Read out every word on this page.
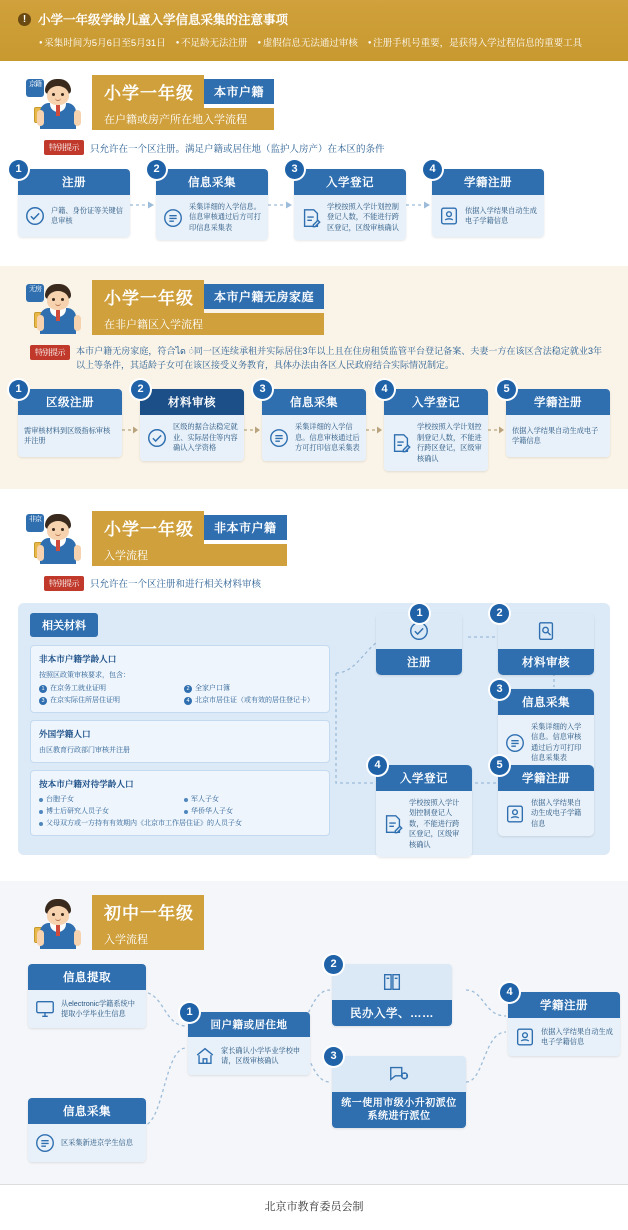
! 小学一年级学龄儿童入学信息采集的注意事项
● 采集时间为5月6日至5月31日	● 不足龄无法注册	● 虚假信息无法通过审核	● 注册手机号重要，是获得入学过程信息的重要工具
京籍	小学一年级	本市户籍
在户籍或房产所在地入学流程
特别提示	只允许在一个区注册。满足户籍或居住地（监护人房产）在本区的条件
1
注册
户籍、身份证等关键信息审核
2
信息采集
采集详细的入学信息。信息审核通过后方可打印信息采集表
3
入学登记
学校按照入学计划控制登记人数，不能进行跨区登记，区级审核确认
4
学籍注册
依据入学结果自动生成电子学籍信息
无房	小学一年级	本市户籍无房家庭
在非户籍区入学流程
特别提示	本市户籍无房家庭，符合ได ं同一区连续承租并实际居住3年以上且在住房租赁监管平台登记备案、夫妻一方在该区含法稳定就业3年以上等条件，其适龄子女可在该区接受义务教育，具体办法由各区人民政府结合实际情况制定。
1
区级注册
需审核材料到区级指标审核并注册
2
材料审核
区级的据合法稳定就业、实际居住等内容确认入学资格
3
信息采集
采集详细的入学信息。信息审核通过后方可打印信息采集表
4
入学登记
学校按照入学计划控制登记人数，不能进行跨区登记，区级审核确认
5
学籍注册
依据入学结果自动生成电子学籍信息
非京	小学一年级	非本市户籍
入学流程
特别提示	只允许在一个区注册和进行相关材料审核
相关材料
非本市户籍学龄人口
按照区政策审核要求，包含：
1 在京务工就业证明	2 全家户口簿
3 在京实际住所居住证明	4 北京市居住证（或有效的居住登记卡）
外国学籍人口
由区教育行政部门审核并注册
按本市户籍对待学龄人口
台胞子女	军人子女
博士后研究人员子女	华侨华人子女
父母双方或一方持有有效期内《北京市工作居住证》的人员子女
1
注册
2
材料审核
3
信息采集
采集详细的入学信息。信息审核通过后方可打印信息采集表
4
入学登记
学校按照入学计划控制登记人数，不能进行跨区登记，区级审核确认
5
学籍注册
依据入学结果自动生成电子学籍信息
初中一年级
入学流程
信息提取
从electronic学籍系统中提取小学毕业生信息
信息采集
区采集新进京学生信息
1
回户籍或居住地
家长确认小学毕业学校申请，区级审核确认
2
民办入学、……
3
统一使用市级小升初派位系统进行派位
4
学籍注册
依据入学结果自动生成电子学籍信息
北京市教育委员会制
